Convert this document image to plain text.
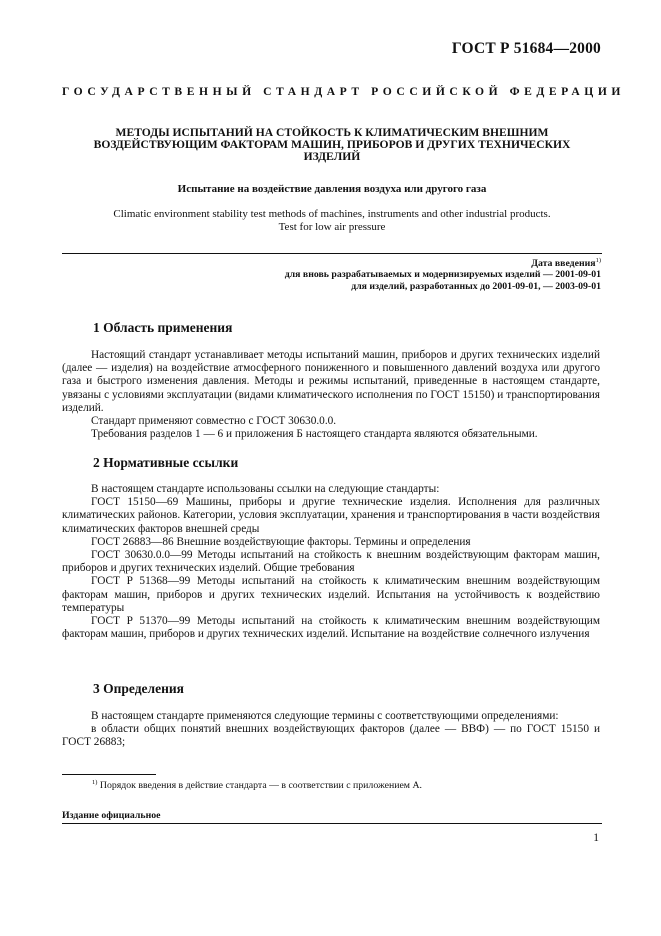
ГОСТ Р 51684—2000
ГОСУДАРСТВЕННЫЙ СТАНДАРТ РОССИЙСКОЙ ФЕДЕРАЦИИ
МЕТОДЫ ИСПЫТАНИЙ НА СТОЙКОСТЬ К КЛИМАТИЧЕСКИМ ВНЕШНИМ ВОЗДЕЙСТВУЮЩИМ ФАКТОРАМ МАШИН, ПРИБОРОВ И ДРУГИХ ТЕХНИЧЕСКИХ ИЗДЕЛИЙ
Испытание на воздействие давления воздуха или другого газа
Climatic environment stability test methods of machines, instruments and other industrial products.
Test for low air pressure
Дата введения$^{1)}$
для вновь разрабатываемых и модернизируемых изделий — 2001-09-01
для изделий, разработанных до 2001-09-01, — 2003-09-01
1 Область применения

Настоящий стандарт устанавливает методы испытаний машин, приборов и других технических изделий (далее — изделия) на воздействие атмосферного пониженного и повышенного давлений воздуха или другого газа и быстрого изменения давления. Методы и режимы испытаний, приведенные в настоящем стандарте, увязаны с условиями эксплуатации (видами климатического исполнения по ГОСТ 15150) и транспортирования изделий.

Стандарт применяют совместно с ГОСТ 30630.0.0.

Требования разделов 1 — 6 и приложения Б настоящего стандарта являются обязательными.

2 Нормативные ссылки

В настоящем стандарте использованы ссылки на следующие стандарты:

ГОСТ 15150—69 Машины, приборы и другие технические изделия. Исполнения для различных климатических районов. Категории, условия эксплуатации, хранения и транспортирования в части воздействия климатических факторов внешней среды

ГОСТ 26883—86 Внешние воздействующие факторы. Термины и определения

ГОСТ 30630.0.0—99 Методы испытаний на стойкость к внешним воздействующим факторам машин, приборов и других технических изделий. Общие требования

ГОСТ Р 51368—99 Методы испытаний на стойкость к климатическим внешним воздействующим факторам машин, приборов и других технических изделий. Испытания на устойчивость к воздействию температуры

ГОСТ Р 51370—99 Методы испытаний на стойкость к климатическим внешним воздействующим факторам машин, приборов и других технических изделий. Испытание на воздействие солнечного излучения

3 Определения

В настоящем стандарте применяются следующие термины с соответствующими определениями:

в области общих понятий внешних воздействующих факторов (далее — ВВФ) — по ГОСТ 15150 и ГОСТ 26883;

$^{1)}$ Порядок введения в действие стандарта — в соответствии с приложением А.
Издание официальное
1
